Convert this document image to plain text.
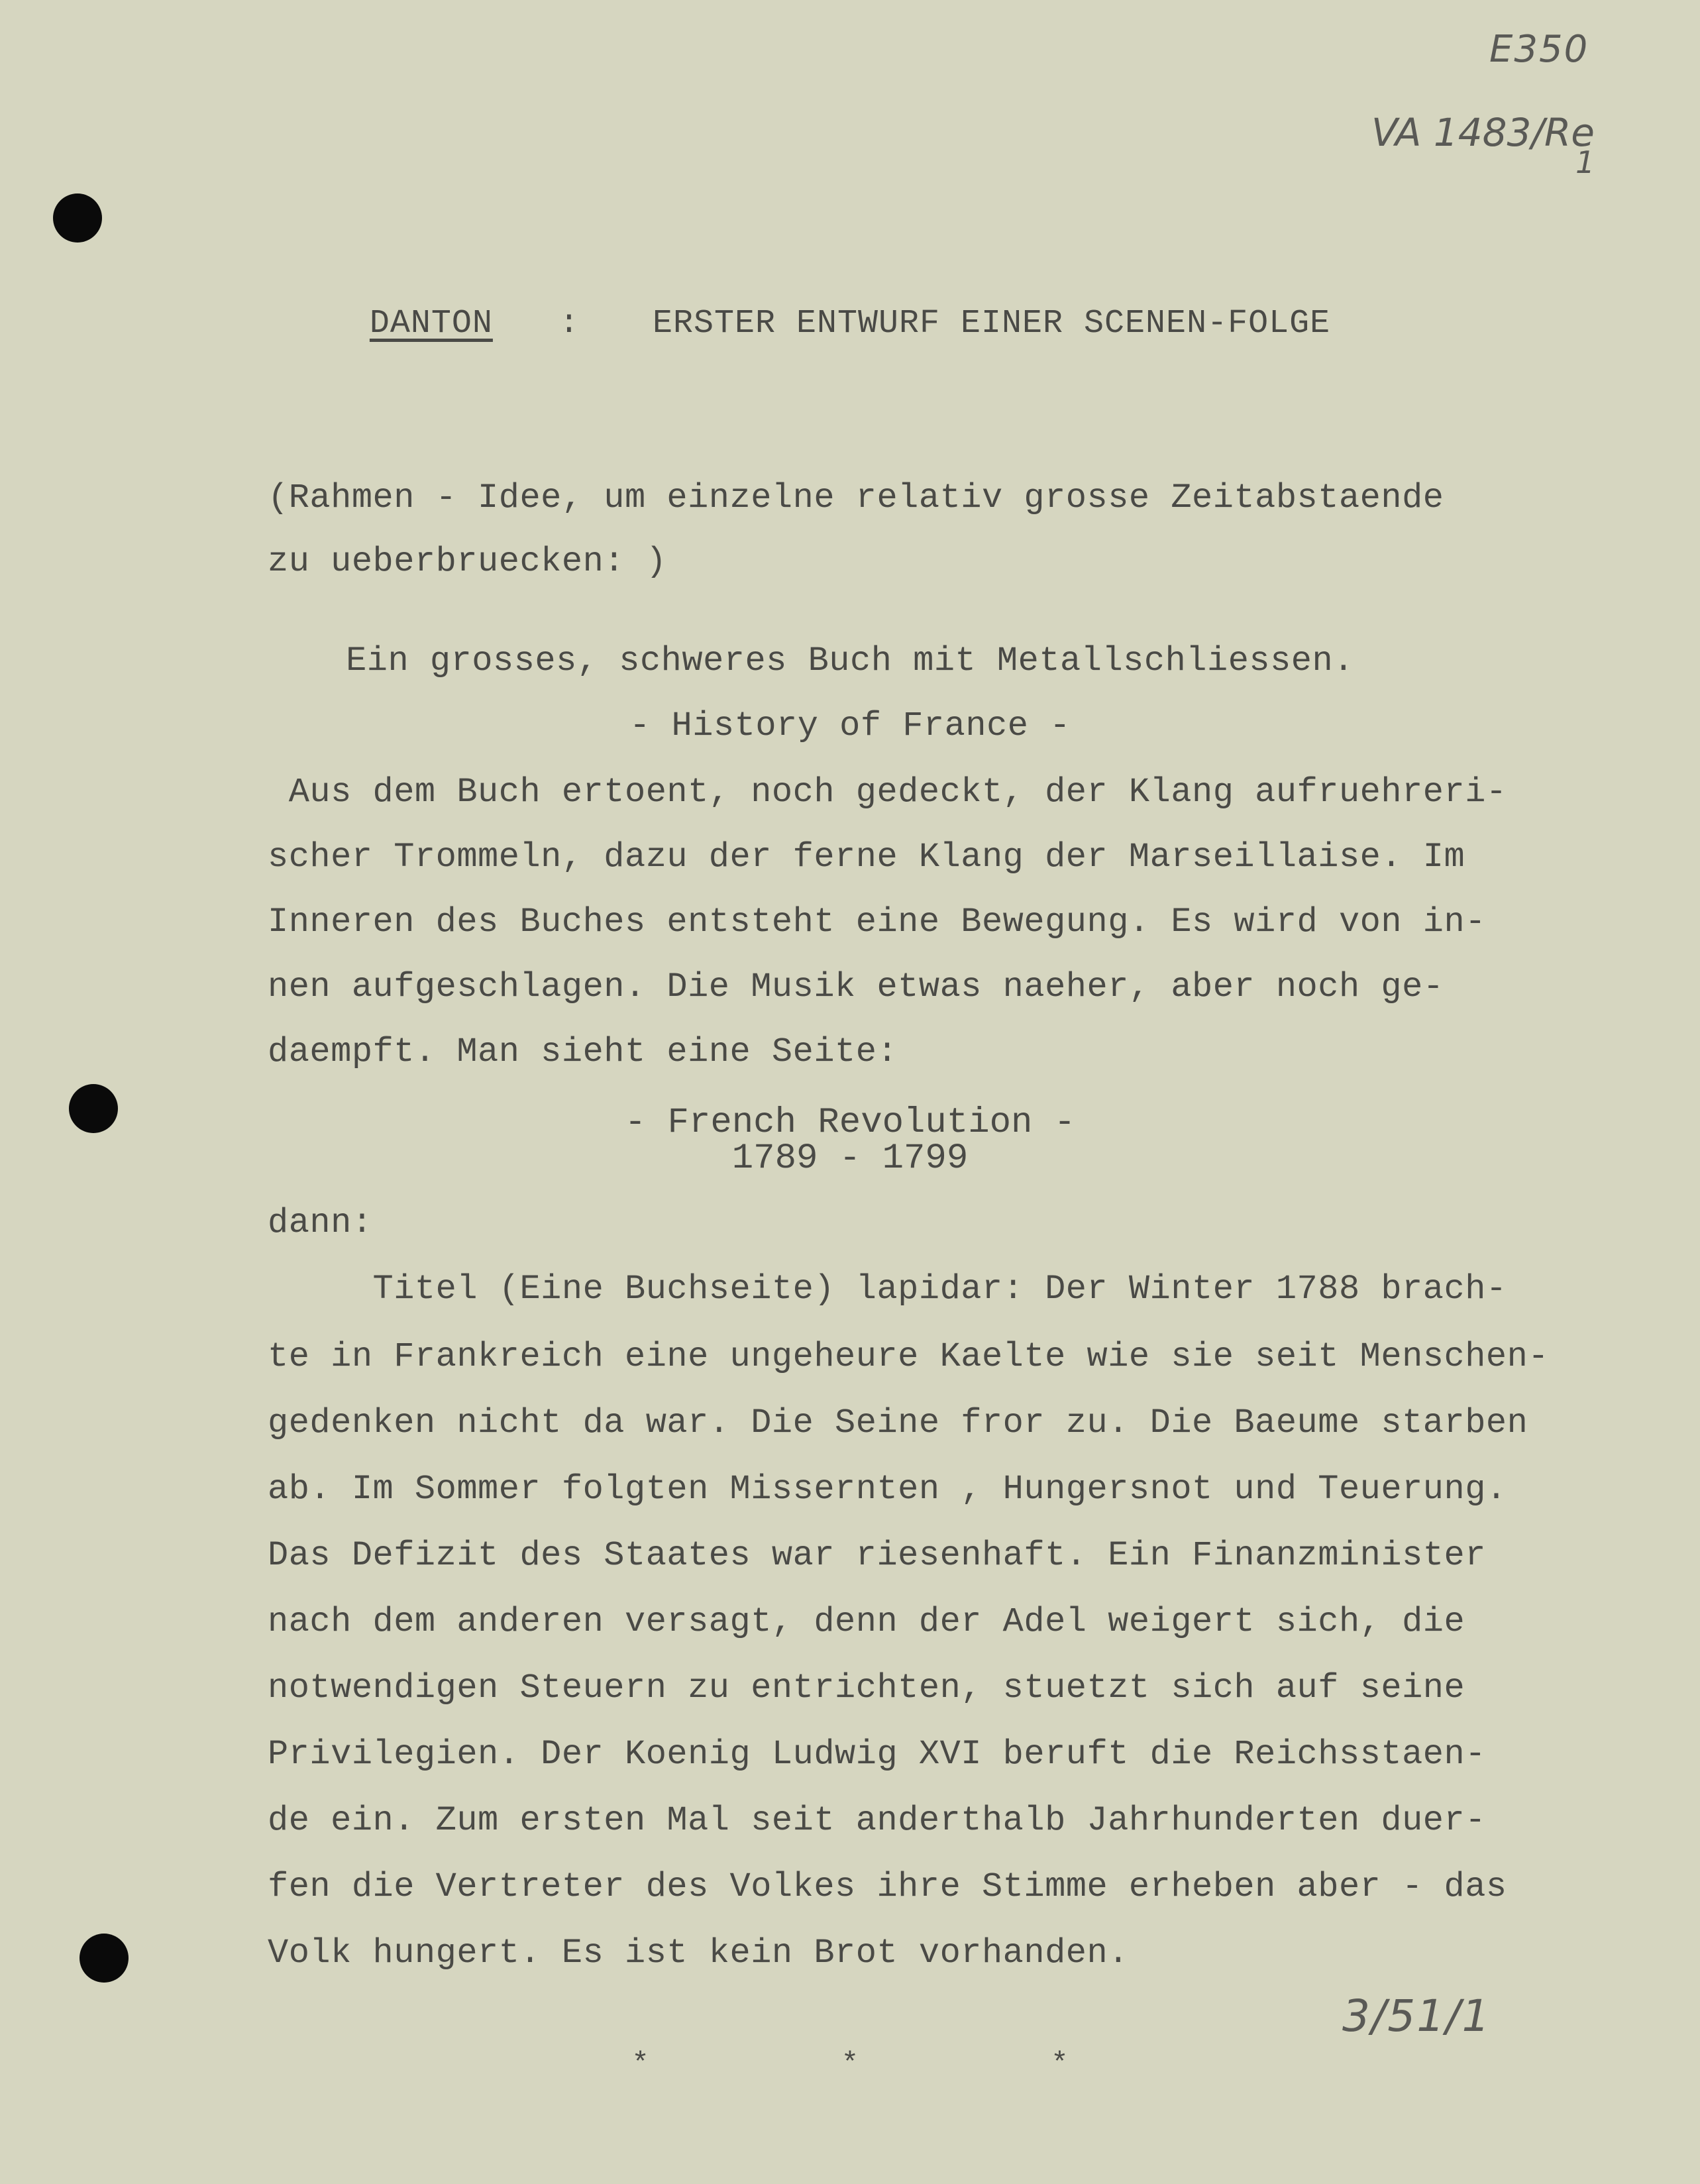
E350
VA 1483/Re
1
3/51/1
DANTON : ERSTER ENTWURF EINER SCENEN-FOLGE
(Rahmen - Idee, um einzelne relativ grosse Zeitabstaende
zu ueberbruecken: )
Ein grosses, schweres Buch mit Metallschliessen.
- History of France -
Aus dem Buch ertoent, noch gedeckt, der Klang aufruehreri-
scher Trommeln, dazu der ferne Klang der Marseillaise. Im
Inneren des Buches entsteht eine Bewegung. Es wird von in-
nen aufgeschlagen. Die Musik etwas naeher, aber noch ge-
daempft. Man sieht eine Seite:
- French Revolution -
1789 - 1799
dann:
Titel (Eine Buchseite) lapidar: Der Winter 1788 brach-
te in Frankreich eine ungeheure Kaelte wie sie seit Menschen-
gedenken nicht da war. Die Seine fror zu. Die Baeume starben
ab. Im Sommer folgten Missernten , Hungersnot und Teuerung.
Das Defizit des Staates war riesenhaft. Ein Finanzminister
nach dem anderen versagt, denn der Adel weigert sich, die
notwendigen Steuern zu entrichten, stuetzt sich auf seine
Privilegien. Der Koenig Ludwig XVI beruft die Reichsstaen-
de ein. Zum ersten Mal seit anderthalb Jahrhunderten duer-
fen die Vertreter des Volkes ihre Stimme erheben aber - das
Volk hungert. Es ist kein Brot vorhanden.
*	*	*
